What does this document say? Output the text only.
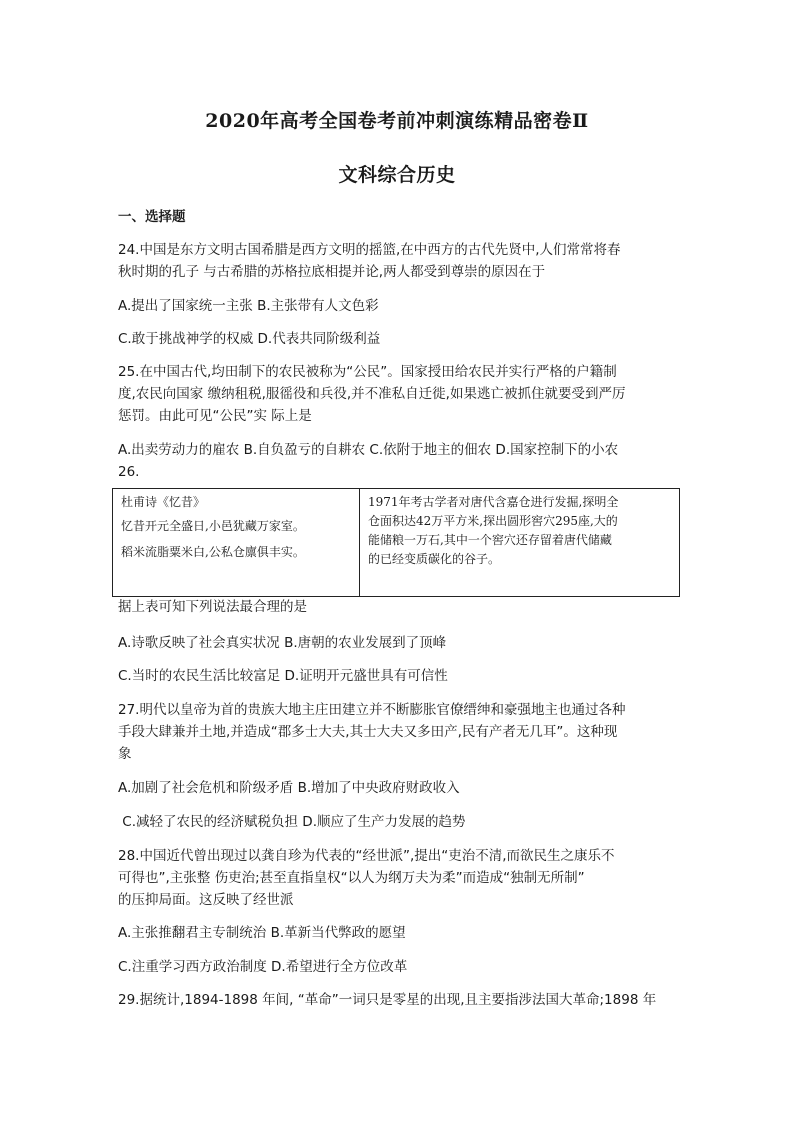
2020年高考全国卷考前冲刺演练精品密卷Ⅱ
文科综合历史
一、选择题
24.中国是东方文明古国希腊是西方文明的摇篮,在中西方的古代先贤中,人们常常将春
秋时期的孔子 与古希腊的苏格拉底相提并论,两人都受到尊崇的原因在于
A.提出了国家统一主张 B.主张带有人文色彩
C.敢于挑战神学的权威 D.代表共同阶级利益
25.在中国古代,均田制下的农民被称为“公民”。国家授田给农民并实行严格的户籍制
度,农民向国家 缴纳租税,服徭役和兵役,并不准私自迁徙,如果逃亡被抓住就要受到严厉
惩罚。由此可见“公民”实 际上是
A.出卖劳动力的雇农 B.自负盈亏的自耕农 C.依附于地主的佃农 D.国家控制下的小农
26.
杜甫诗《忆昔》
忆昔开元全盛日,小邑犹藏万家室。
稻米流脂粟米白,公私仓廪俱丰实。

1971年考古学者对唐代含嘉仓进行发掘,探明全
仓面积达42万平方米,探出圆形窖穴295座,大的
能储粮一万石,其中一个窖穴还存留着唐代储藏
的已经变质碳化的谷子。
据上表可知下列说法最合理的是
A.诗歌反映了社会真实状况 B.唐朝的农业发展到了顶峰
C.当时的农民生活比较富足 D.证明开元盛世具有可信性
27.明代以皇帝为首的贵族大地主庄田建立并不断膨胀官僚缙绅和豪强地主也通过各种
手段大肆兼并土地,并造成“郡多士大夫,其士大夫又多田产,民有产者无几耳”。这种现
象
A.加剧了社会危机和阶级矛盾 B.增加了中央政府财政收入
C.减轻了农民的经济赋税负担 D.顺应了生产力发展的趋势
28.中国近代曾出现过以龚自珍为代表的“经世派”,提出“吏治不清,而欲民生之康乐不
可得也”,主张整 伤吏治;甚至直指皇权“以人为纲万夫为柔”而造成“独制无所制”
的压抑局面。这反映了经世派
A.主张推翻君主专制统治 B.革新当代弊政的愿望
C.注重学习西方政治制度 D.希望进行全方位改革
29.据统计,1894-1898 年间, “革命”一词只是零星的出现,且主要指涉法国大革命;1898 年
